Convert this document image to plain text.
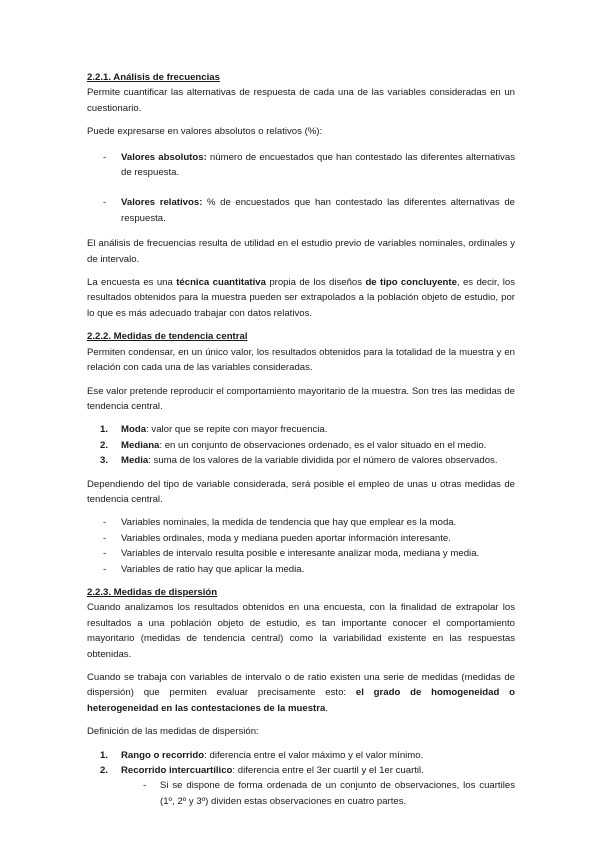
2.2.1. Análisis de frecuencias

Permite cuantificar las alternativas de respuesta de cada una de las variables consideradas en un cuestionario.

Puede expresarse en valores absolutos o relativos (%):

- Valores absolutos: número de encuestados que han contestado las diferentes alternativas de respuesta.
- Valores relativos: % de encuestados que han contestado las diferentes alternativas de respuesta.

El análisis de frecuencias resulta de utilidad en el estudio previo de variables nominales, ordinales y de intervalo.

La encuesta es una técnica cuantitativa propia de los diseños de tipo concluyente, es decir, los resultados obtenidos para la muestra pueden ser extrapolados a la población objeto de estudio, por lo que es más adecuado trabajar con datos relativos.

2.2.2. Medidas de tendencia central

Permiten condensar, en un único valor, los resultados obtenidos para la totalidad de la muestra y en relación con cada una de las variables consideradas.

Ese valor pretende reproducir el comportamiento mayoritario de la muestra. Son tres las medidas de tendencia central.

1. Moda: valor que se repite con mayor frecuencia.
2. Mediana: en un conjunto de observaciones ordenado, es el valor situado en el medio.
3. Media: suma de los valores de la variable dividida por el número de valores observados.

Dependiendo del tipo de variable considerada, será posible el empleo de unas u otras medidas de tendencia central.

- Variables nominales, la medida de tendencia que hay que emplear es la moda.
- Variables ordinales, moda y mediana pueden aportar información interesante.
- Variables de intervalo resulta posible e interesante analizar moda, mediana y media.
- Variables de ratio hay que aplicar la media.

2.2.3. Medidas de dispersión

Cuando analizamos los resultados obtenidos en una encuesta, con la finalidad de extrapolar los resultados a una población objeto de estudio, es tan importante conocer el comportamiento mayoritario (medidas de tendencia central) como la variabilidad existente en las respuestas obtenidas.

Cuando se trabaja con variables de intervalo o de ratio existen una serie de medidas (medidas de dispersión) que permiten evaluar precisamente esto: el grado de homogeneidad o heterogeneidad en las contestaciones de la muestra.

Definición de las medidas de dispersión:

1. Rango o recorrido: diferencia entre el valor máximo y el valor mínimo.
2. Recorrido intercuartílico: diferencia entre el 3er cuartil y el 1er cuartil.
- Si se dispone de forma ordenada de un conjunto de observaciones, los cuartiles (1º, 2º y 3º) dividen estas observaciones en cuatro partes.
